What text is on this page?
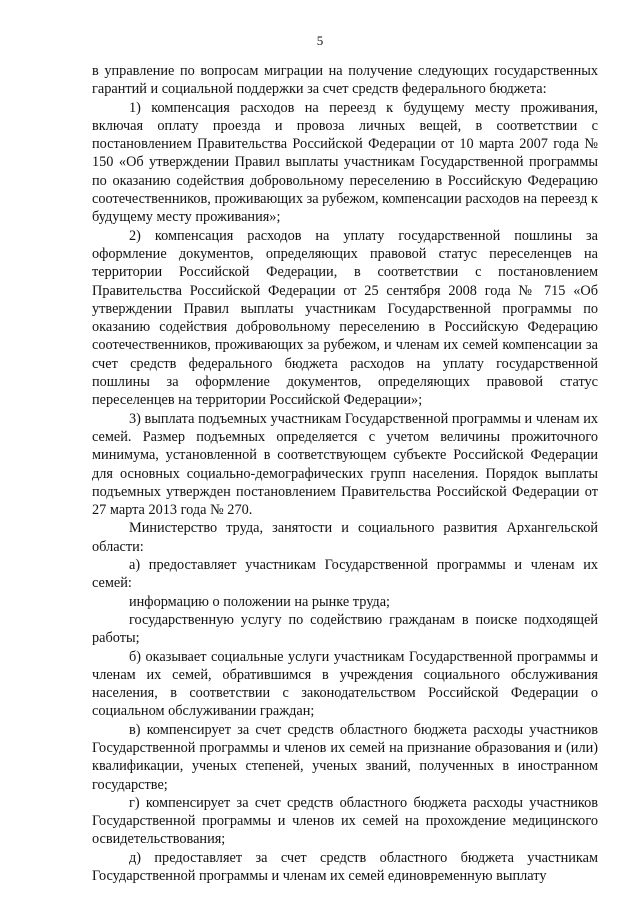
5

в управление по вопросам миграции на получение следующих государственных гарантий и социальной поддержки за счет средств федерального бюджета:

1) компенсация расходов на переезд к будущему месту проживания, включая оплату проезда и провоза личных вещей, в соответствии с постановлением Правительства Российской Федерации от 10 марта 2007 года № 150 «Об утверждении Правил выплаты участникам Государственной программы по оказанию содействия добровольному переселению в Российскую Федерацию соотечественников, проживающих за рубежом, компенсации расходов на переезд к будущему месту проживания»;

2) компенсация расходов на уплату государственной пошлины за оформление документов, определяющих правовой статус переселенцев на территории Российской Федерации, в соответствии с постановлением Правительства Российской Федерации от 25 сентября 2008 года № 715 «Об утверждении Правил выплаты участникам Государственной программы по оказанию содействия добровольному переселению в Российскую Федерацию соотечественников, проживающих за рубежом, и членам их семей компенсации за счет средств федерального бюджета расходов на уплату государственной пошлины за оформление документов, определяющих правовой статус переселенцев на территории Российской Федерации»;

3) выплата подъемных участникам Государственной программы и членам их семей. Размер подъемных определяется с учетом величины прожиточного минимума, установленной в соответствующем субъекте Российской Федерации для основных социально-демографических групп населения. Порядок выплаты подъемных утвержден постановлением Правительства Российской Федерации от 27 марта 2013 года № 270.

Министерство труда, занятости и социального развития Архангельской области:

а) предоставляет участникам Государственной программы и членам их семей:

информацию о положении на рынке труда;

государственную услугу по содействию гражданам в поиске подходящей работы;

б) оказывает социальные услуги участникам Государственной программы и членам их семей, обратившимся в учреждения социального обслуживания населения, в соответствии с законодательством Российской Федерации о социальном обслуживании граждан;

в) компенсирует за счет средств областного бюджета расходы участников Государственной программы и членов их семей на признание образования и (или) квалификации, ученых степеней, ученых званий, полученных в иностранном государстве;

г) компенсирует за счет средств областного бюджета расходы участников Государственной программы и членов их семей на прохождение медицинского освидетельствования;

д) предоставляет за счет средств областного бюджета участникам Государственной программы и членам их семей единовременную выплату
